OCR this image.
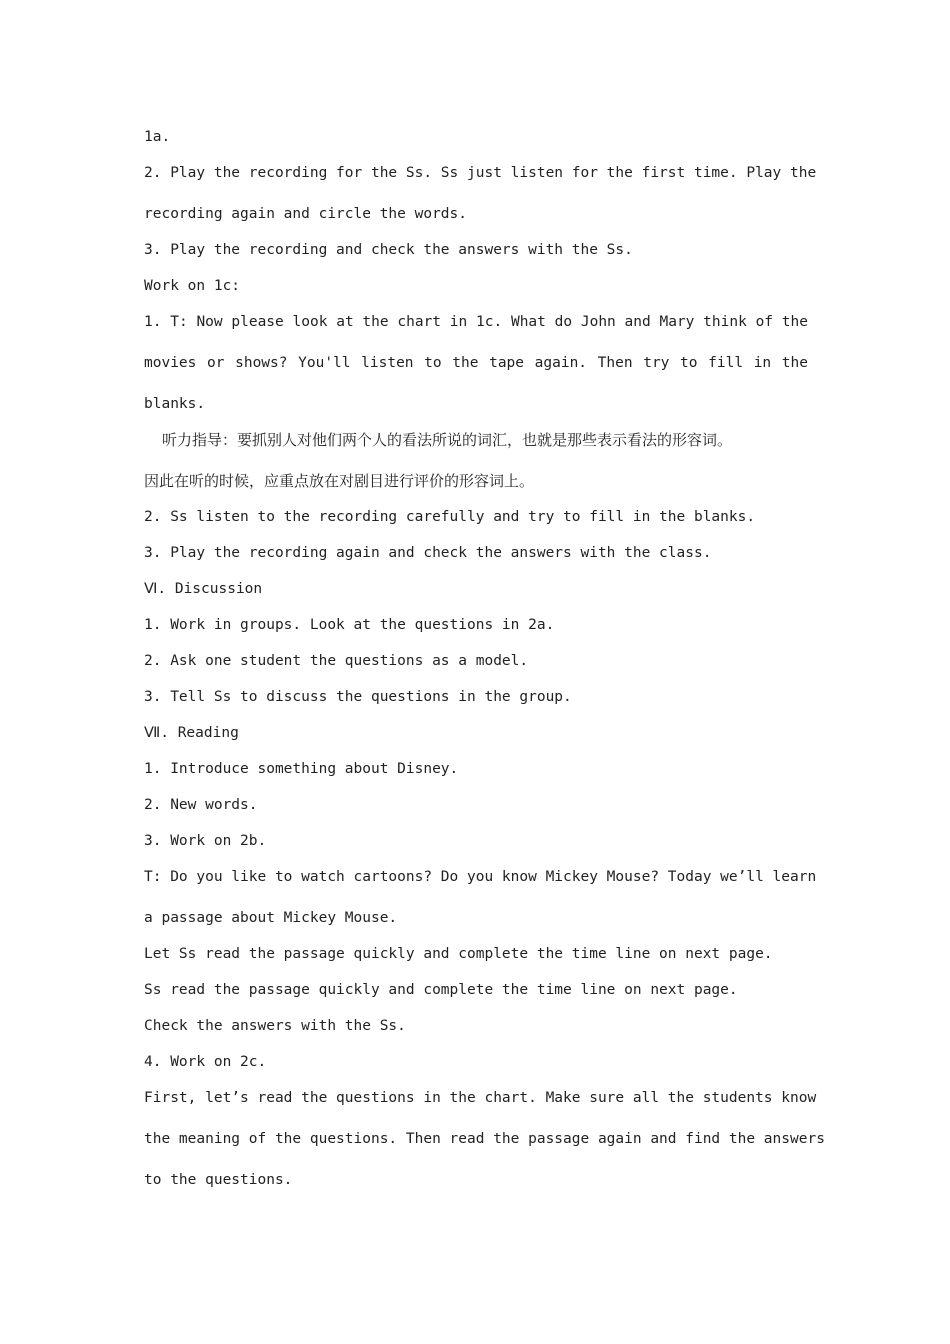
1a.

2. Play the recording for the Ss. Ss just listen for the first time. Play the

recording again and circle the words.

3. Play the recording and check the answers with the Ss.

Work on 1c:

1. T: Now please look at the chart in 1c. What do John and Mary think of the

movies or shows? You'll listen to the tape again. Then try to fill in the

blanks.

听力指导：要抓别人对他们两个人的看法所说的词汇，也就是那些表示看法的形容词。

因此在听的时候，应重点放在对剧目进行评价的形容词上。

2. Ss listen to the recording carefully and try to fill in the blanks.

3. Play the recording again and check the answers with the class.

Ⅵ. Discussion

1. Work in groups. Look at the questions in 2a.

2. Ask one student the questions as a model.

3. Tell Ss to discuss the questions in the group.

Ⅶ. Reading

1. Introduce something about Disney.

2. New words.

3. Work on 2b.

T: Do you like to watch cartoons? Do you know Mickey Mouse? Today we’ll learn

a passage about Mickey Mouse.

Let Ss read the passage quickly and complete the time line on next page.

Ss read the passage quickly and complete the time line on next page.

Check the answers with the Ss.

4. Work on 2c.

First, let’s read the questions in the chart. Make sure all the students know

the meaning of the questions. Then read the passage again and find the answers

to the questions.
